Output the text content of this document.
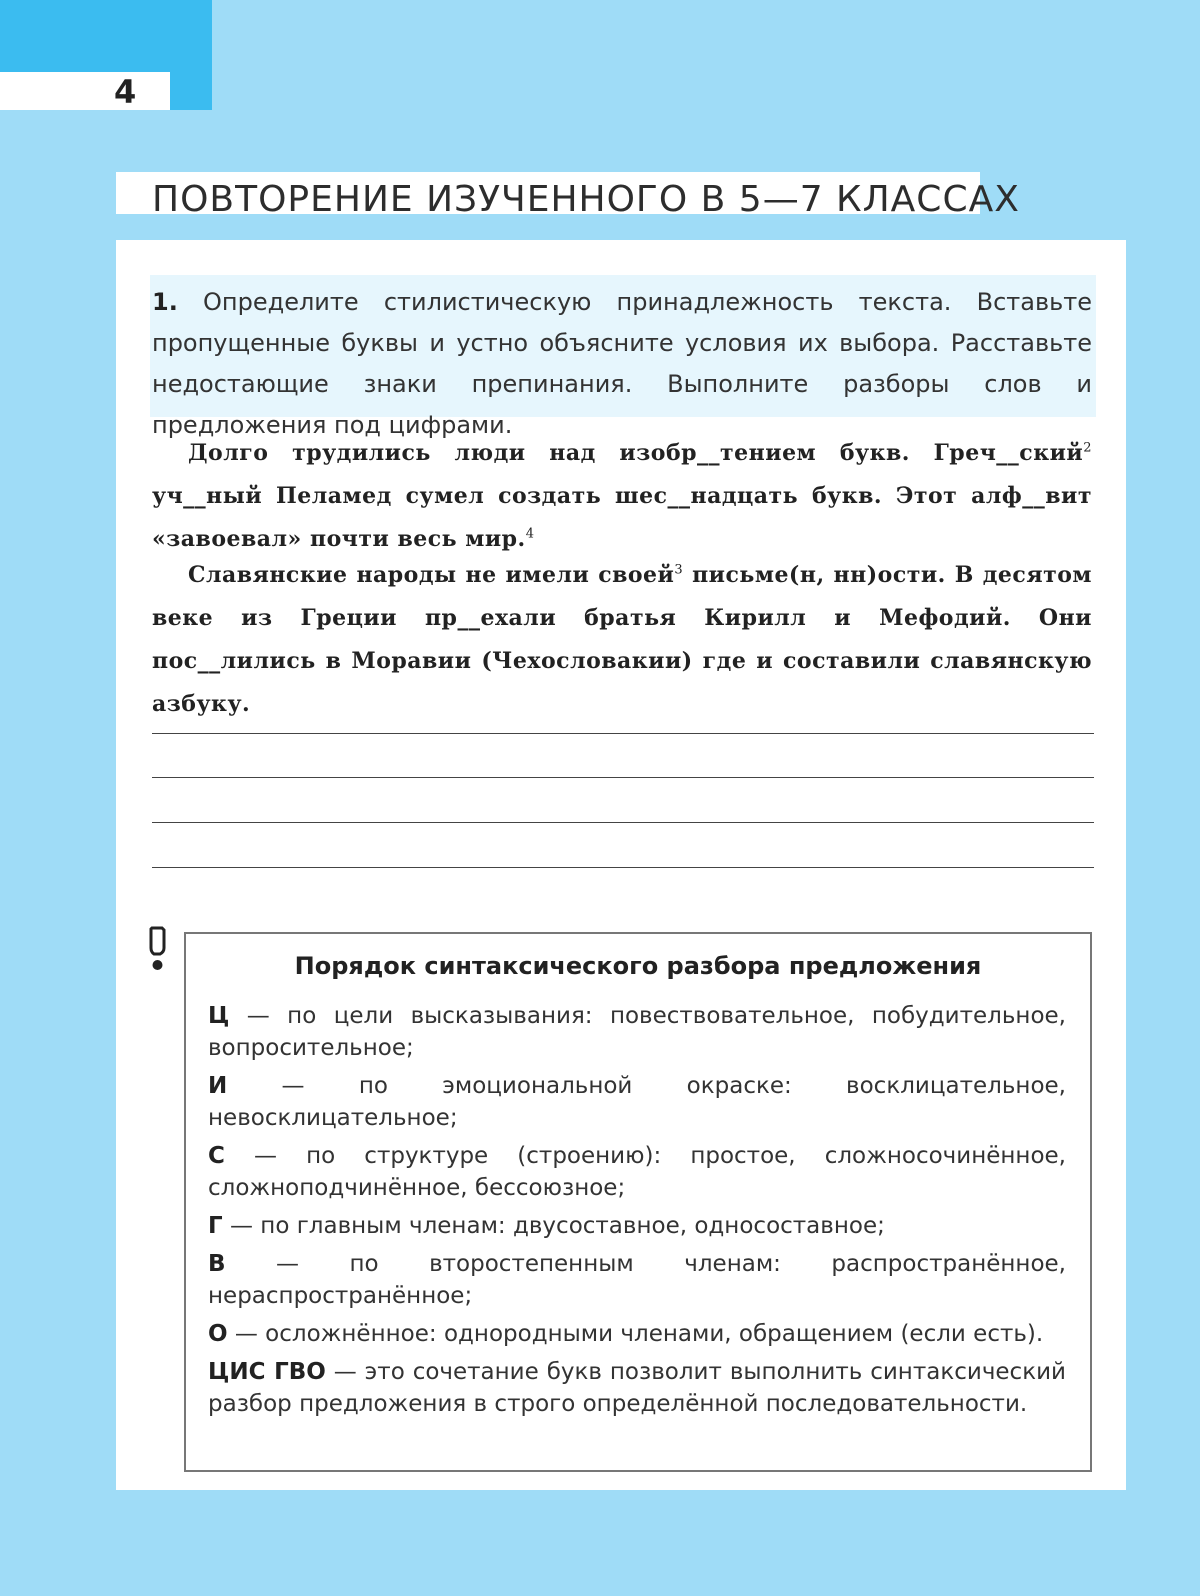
4
ПОВТОРЕНИЕ ИЗУЧЕННОГО В 5—7 КЛАССАХ
1. Определите стилистическую принадлежность текста. Вставьте пропущенные буквы и устно объясните условия их выбора. Расставьте недостающие знаки препинания. Выполните разборы слов и предложения под цифрами.
Долго трудились люди над изобр__тением букв. Греч__ский$^2$ уч__ный Пеламед сумел создать шес__надцать букв. Этот алф__вит «завоевал» почти весь мир.$^4$
Славянские народы не имели своей$^3$ письме(н, нн)ости. В десятом веке из Греции пр__ехали братья Кирилл и Мефодий. Они пос__лились в Моравии (Чехословакии) где и составили славянскую азбуку.
Порядок синтаксического разбора предложения

Ц — по цели высказывания: повествовательное, побудительное, вопросительное;

И — по эмоциональной окраске: восклицательное, невосклицательное;

С — по структуре (строению): простое, сложносочинённое, сложноподчинённое, бессоюзное;

Г — по главным членам: двусоставное, односоставное;

В — по второстепенным членам: распространённое, нераспространённое;

О — осложнённое: однородными членами, обращением (если есть).

ЦИС ГВО — это сочетание букв позволит выполнить синтаксический разбор предложения в строго определённой последовательности.
